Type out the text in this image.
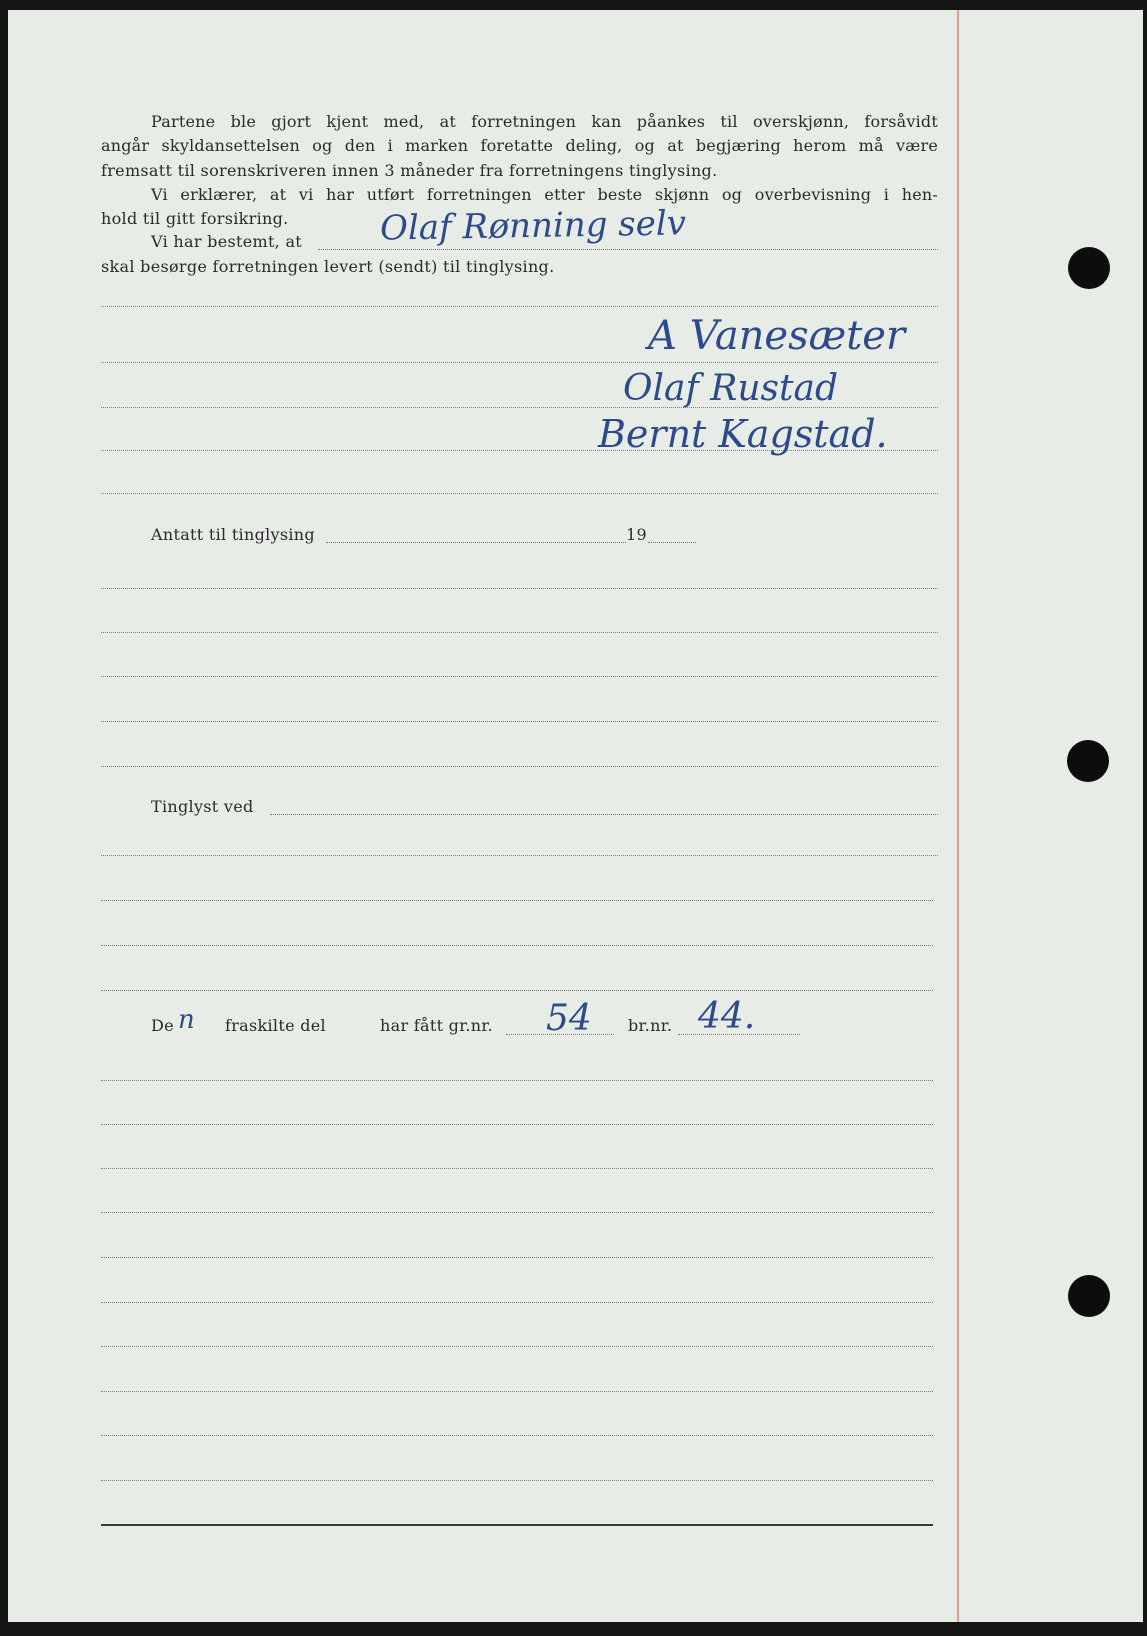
Partene ble gjort kjent med, at forretningen kan påankes til overskjønn, forsåvidt
angår skyldansettelsen og den i marken foretatte deling, og at begjæring herom må være
fremsatt til sorenskriveren innen 3 måneder fra forretningens tinglysing.
Vi erklærer, at vi har utført forretningen etter beste skjønn og overbevisning i hen-
hold til gitt forsikring.
Vi har bestemt, at Olaf Rønning selv
skal besørge forretningen levert (sendt) til tinglysing.
A Vanesæter
Olaf Rustad
Bernt Kagstad.
Antatt til tinglysing	19
Tinglyst ved
De n fraskilte del	har fått gr.nr. 54 br.nr. 44.
